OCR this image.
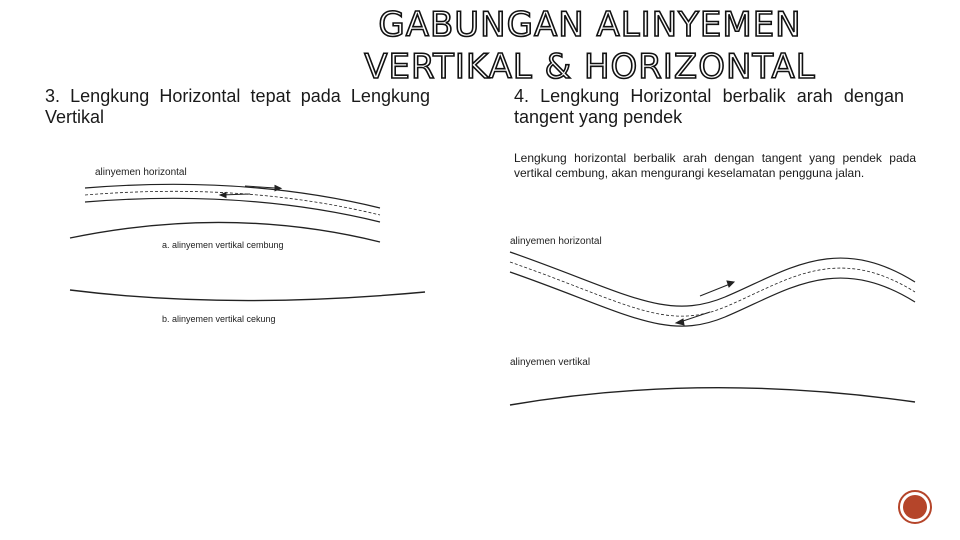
GABUNGAN ALINYEMEN VERTIKAL & HORIZONTAL

3. Lengkung Horizontal tepat pada Lengkung Vertikal

4. Lengkung Horizontal berbalik arah dengan tangent yang pendek

Lengkung horizontal berbalik arah dengan tangent yang pendek pada vertikal cembung, akan mengurangi keselamatan pengguna jalan.

alinyemen horizontal
a. alinyemen vertikal cembung
b. alinyemen vertikal cekung
alinyemen horizontal
alinyemen vertikal
